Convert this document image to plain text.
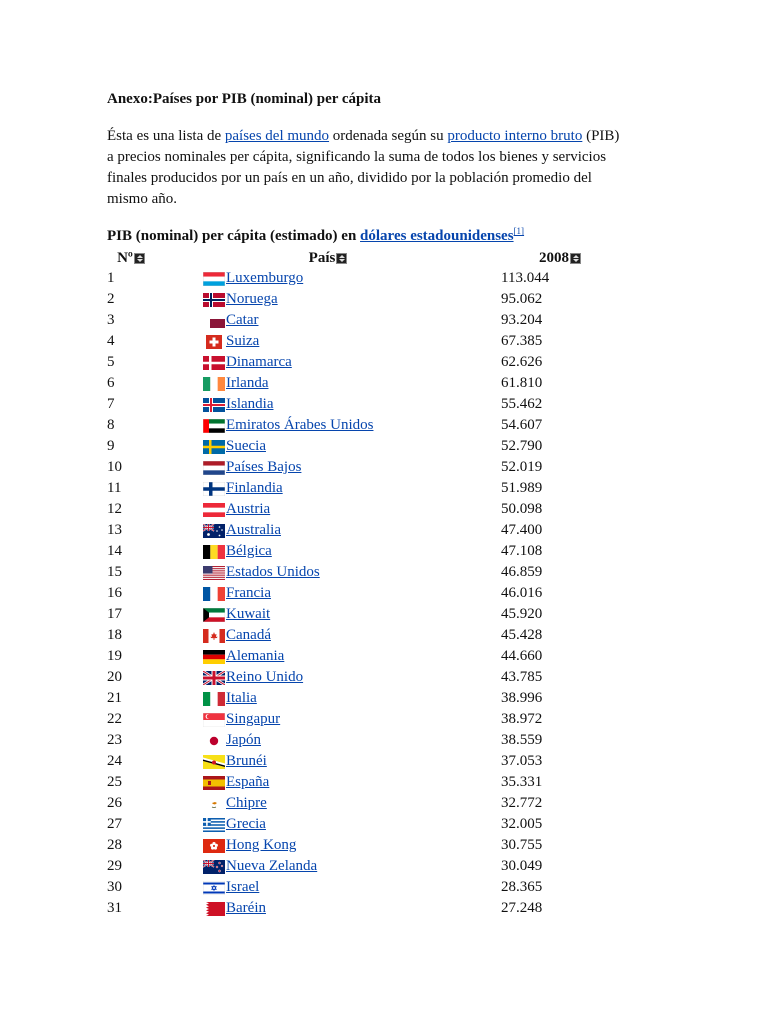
Anexo:Países por PIB (nominal) per cápita

Ésta es una lista de países del mundo ordenada según su producto interno bruto (PIB) a precios nominales per cápita, significando la suma de todos los bienes y servicios finales producidos por un país en un año, dividido por la población promedio del mismo año.

PIB (nominal) per cápita (estimado) en dólares estadounidenses[1]
Nº	País	2008
1	Luxemburgo	113.044
2	Noruega	95.062
3	Catar	93.204
4	Suiza	67.385
5	Dinamarca	62.626
6	Irlanda	61.810
7	Islandia	55.462
8	Emiratos Árabes Unidos	54.607
9	Suecia	52.790
10	Países Bajos	52.019
11	Finlandia	51.989
12	Austria	50.098
13	Australia	47.400
14	Bélgica	47.108
15	Estados Unidos	46.859
16	Francia	46.016
17	Kuwait	45.920
18	Canadá	45.428
19	Alemania	44.660
20	Reino Unido	43.785
21	Italia	38.996
22	Singapur	38.972
23	Japón	38.559
24	Brunéi	37.053
25	España	35.331
26	Chipre	32.772
27	Grecia	32.005
28	Hong Kong	30.755
29	Nueva Zelanda	30.049
30	Israel	28.365
31	Baréin	27.248
